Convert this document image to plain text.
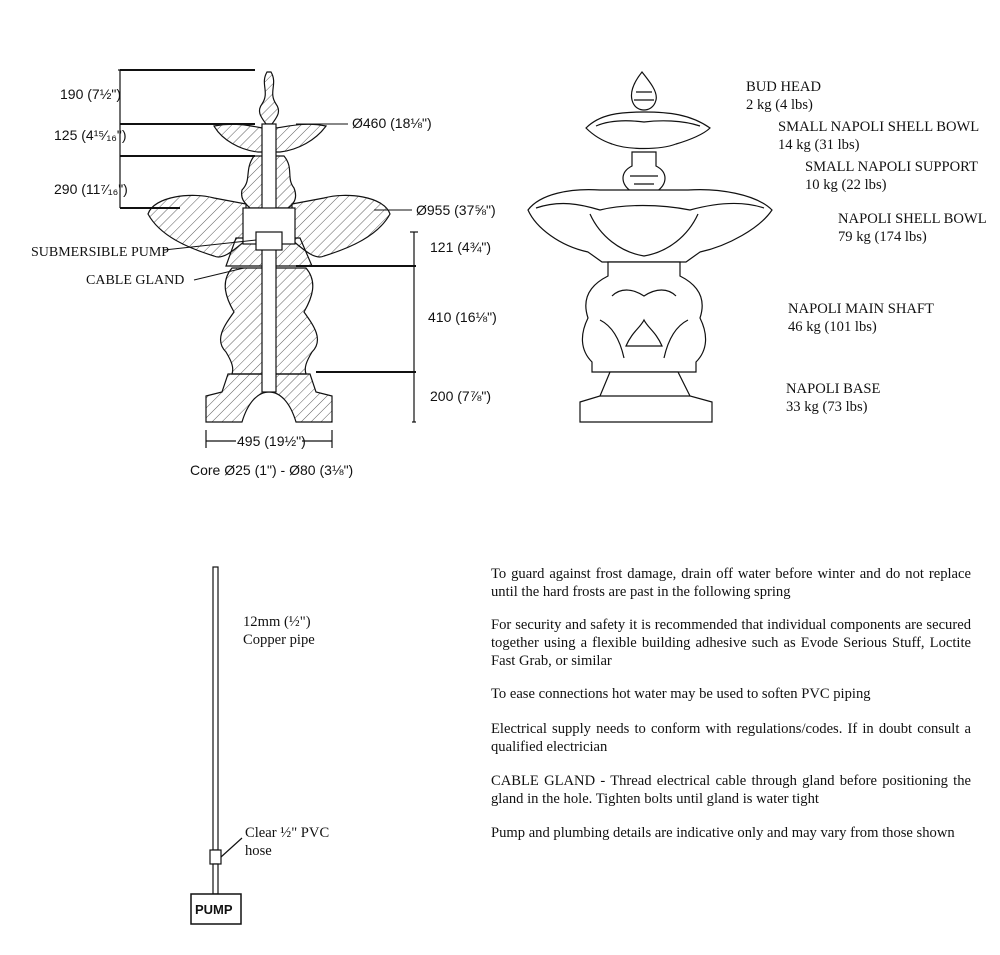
190 (7½")
125 (4¹⁵⁄₁₆")
290 (11⁷⁄₁₆")
Ø460 (18⅛")
Ø955 (37⅝")
121 (4¾")
410 (16⅛")
200 (7⅞")
495 (19½")
Core Ø25 (1") - Ø80 (3⅛")
SUBMERSIBLE PUMP
CABLE GLAND
PUMP
BUD HEAD
2 kg (4 lbs)
SMALL NAPOLI SHELL BOWL
14 kg (31 lbs)
SMALL NAPOLI SUPPORT
10 kg (22 lbs)
NAPOLI SHELL BOWL
79 kg (174 lbs)
NAPOLI MAIN SHAFT
46 kg (101 lbs)
NAPOLI BASE
33 kg (73 lbs)
12mm (½")
Copper pipe
Clear ½" PVC
hose

To guard against frost damage, drain off water before winter and do not replace until the hard frosts are past in the following spring

For security and safety it is recommended that individual components are secured together using a flexible building adhesive such as Evode Serious Stuff, Loctite Fast Grab, or similar

To ease connections hot water may be used to soften PVC piping

Electrical supply needs to conform with regulations/codes. If in doubt consult a qualified electrician

CABLE GLAND - Thread electrical cable through gland before positioning the gland in the hole. Tighten bolts until gland is water tight

Pump and plumbing details are indicative only and may vary from those shown
